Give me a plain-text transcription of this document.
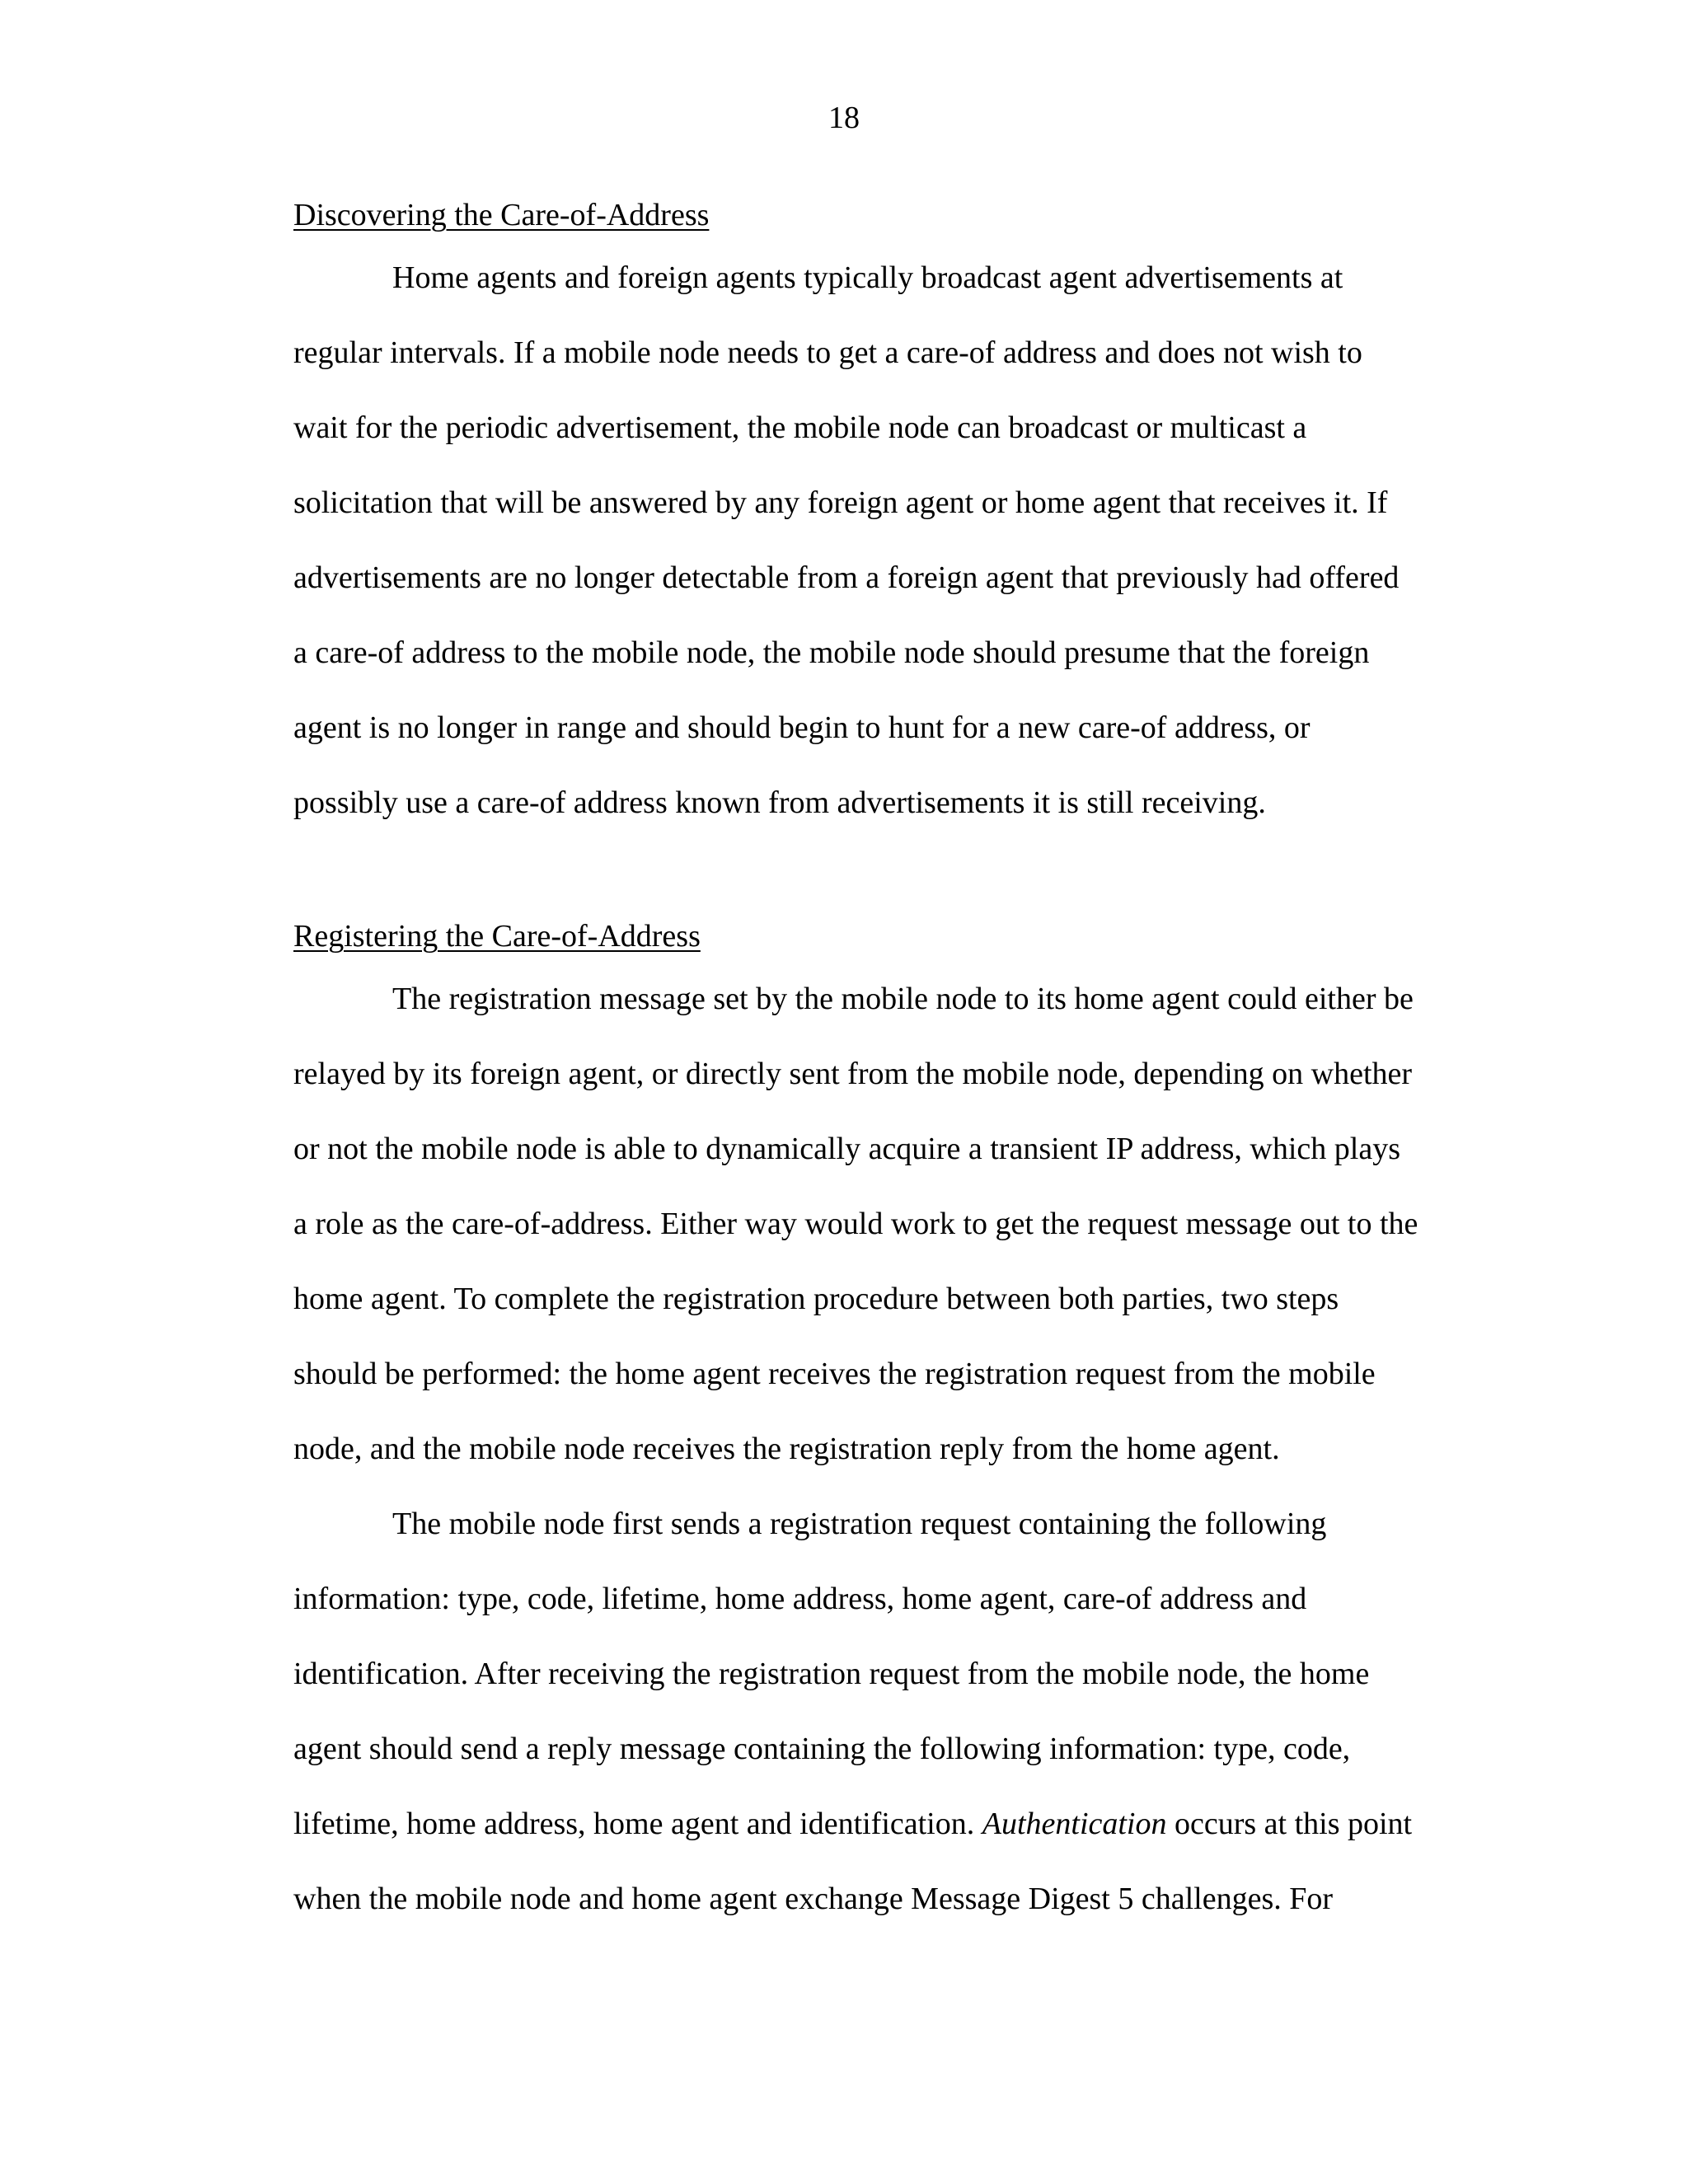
18
Discovering the Care-of-Address

Home agents and foreign agents typically broadcast agent advertisements at
regular intervals. If a mobile node needs to get a care-of address and does not wish to
wait for the periodic advertisement, the mobile node can broadcast or multicast a
solicitation that will be answered by any foreign agent or home agent that receives it. If
advertisements are no longer detectable from a foreign agent that previously had offered
a care-of address to the mobile node, the mobile node should presume that the foreign
agent is no longer in range and should begin to hunt for a new care-of address, or
possibly use a care-of address known from advertisements it is still receiving.

Registering the Care-of-Address

The registration message set by the mobile node to its home agent could either be
relayed by its foreign agent, or directly sent from the mobile node, depending on whether
or not the mobile node is able to dynamically acquire a transient IP address, which plays
a role as the care-of-address. Either way would work to get the request message out to the
home agent. To complete the registration procedure between both parties, two steps
should be performed: the home agent receives the registration request from the mobile
node, and the mobile node receives the registration reply from the home agent.

The mobile node first sends a registration request containing the following
information: type, code, lifetime, home address, home agent, care-of address and
identification. After receiving the registration request from the mobile node, the home
agent should send a reply message containing the following information: type, code,
lifetime, home address, home agent and identification. Authentication occurs at this point
when the mobile node and home agent exchange Message Digest 5 challenges. For
